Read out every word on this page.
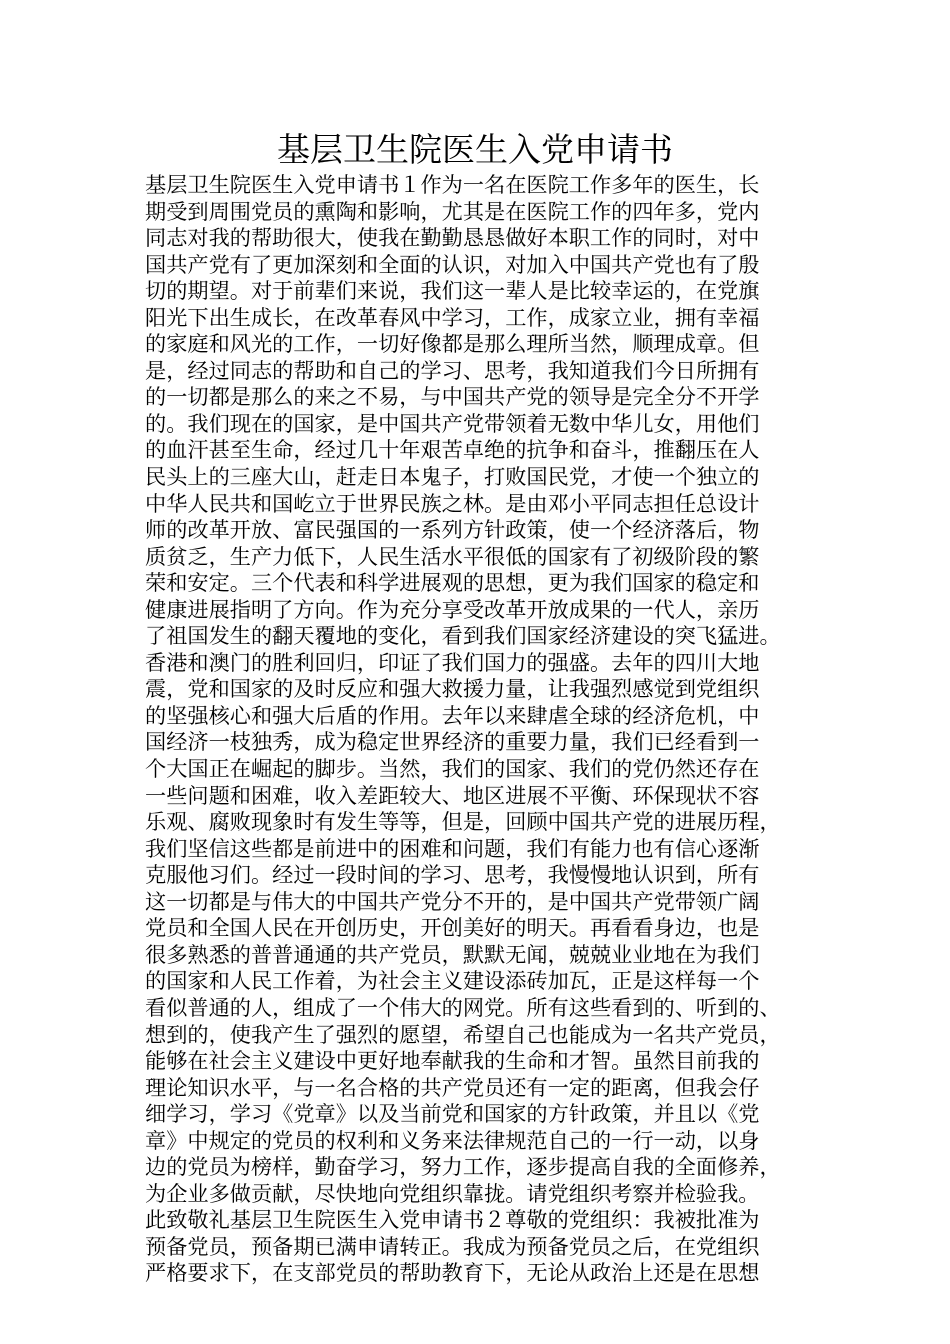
基层卫生院医生入党申请书
基层卫生院医生入党申请书１作为一名在医院工作多年的医生，长
期受到周围党员的熏陶和影响，尤其是在医院工作的四年多，党内
同志对我的帮助很大，使我在勤勤恳恳做好本职工作的同时，对中
国共产党有了更加深刻和全面的认识，对加入中国共产党也有了殷
切的期望。对于前辈们来说，我们这一辈人是比较幸运的，在党旗
阳光下出生成长，在改革春风中学习，工作，成家立业，拥有幸福
的家庭和风光的工作，一切好像都是那么理所当然，顺理成章。但
是，经过同志的帮助和自己的学习、思考，我知道我们今日所拥有
的一切都是那么的来之不易，与中国共产党的领导是完全分不开学
的。我们现在的国家，是中国共产党带领着无数中华儿女，用他们
的血汗甚至生命，经过几十年艰苦卓绝的抗争和奋斗，推翻压在人
民头上的三座大山，赶走日本鬼子，打败国民党，才使一个独立的
中华人民共和国屹立于世界民族之林。是由邓小平同志担任总设计
师的改革开放、富民强国的一系列方针政策，使一个经济落后，物
质贫乏，生产力低下，人民生活水平很低的国家有了初级阶段的繁
荣和安定。三个代表和科学进展观的思想，更为我们国家的稳定和
健康进展指明了方向。作为充分享受改革开放成果的一代人，亲历
了祖国发生的翻天覆地的变化，看到我们国家经济建设的突飞猛进。
香港和澳门的胜利回归，印证了我们国力的强盛。去年的四川大地
震，党和国家的及时反应和强大救援力量，让我强烈感觉到党组织
的坚强核心和强大后盾的作用。去年以来肆虐全球的经济危机，中
国经济一枝独秀，成为稳定世界经济的重要力量，我们已经看到一
个大国正在崛起的脚步。当然，我们的国家、我们的党仍然还存在
一些问题和困难，收入差距较大、地区进展不平衡、环保现状不容
乐观、腐败现象时有发生等等，但是，回顾中国共产党的进展历程，
我们坚信这些都是前进中的困难和问题，我们有能力也有信心逐渐
克服他习们。经过一段时间的学习、思考，我慢慢地认识到，所有
这一切都是与伟大的中国共产党分不开的，是中国共产党带领广阔
党员和全国人民在开创历史，开创美好的明天。再看看身边，也是
很多熟悉的普普通通的共产党员，默默无闻，兢兢业业地在为我们
的国家和人民工作着，为社会主义建设添砖加瓦，正是这样每一个
看似普通的人，组成了一个伟大的网党。所有这些看到的、听到的、
想到的，使我产生了强烈的愿望，希望自己也能成为一名共产党员，
能够在社会主义建设中更好地奉献我的生命和才智。虽然目前我的
理论知识水平，与一名合格的共产党员还有一定的距离，但我会仔
细学习，学习《党章》以及当前党和国家的方针政策，并且以《党
章》中规定的党员的权利和义务来法律规范自己的一行一动，以身
边的党员为榜样，勤奋学习，努力工作，逐步提高自我的全面修养，
为企业多做贡献，尽快地向党组织靠拢。请党组织考察并检验我。
此致敬礼基层卫生院医生入党申请书２尊敬的党组织：我被批准为
预备党员，预备期已满申请转正。我成为预备党员之后，在党组织
严格要求下，在支部党员的帮助教育下，无论从政治上还是在思想
